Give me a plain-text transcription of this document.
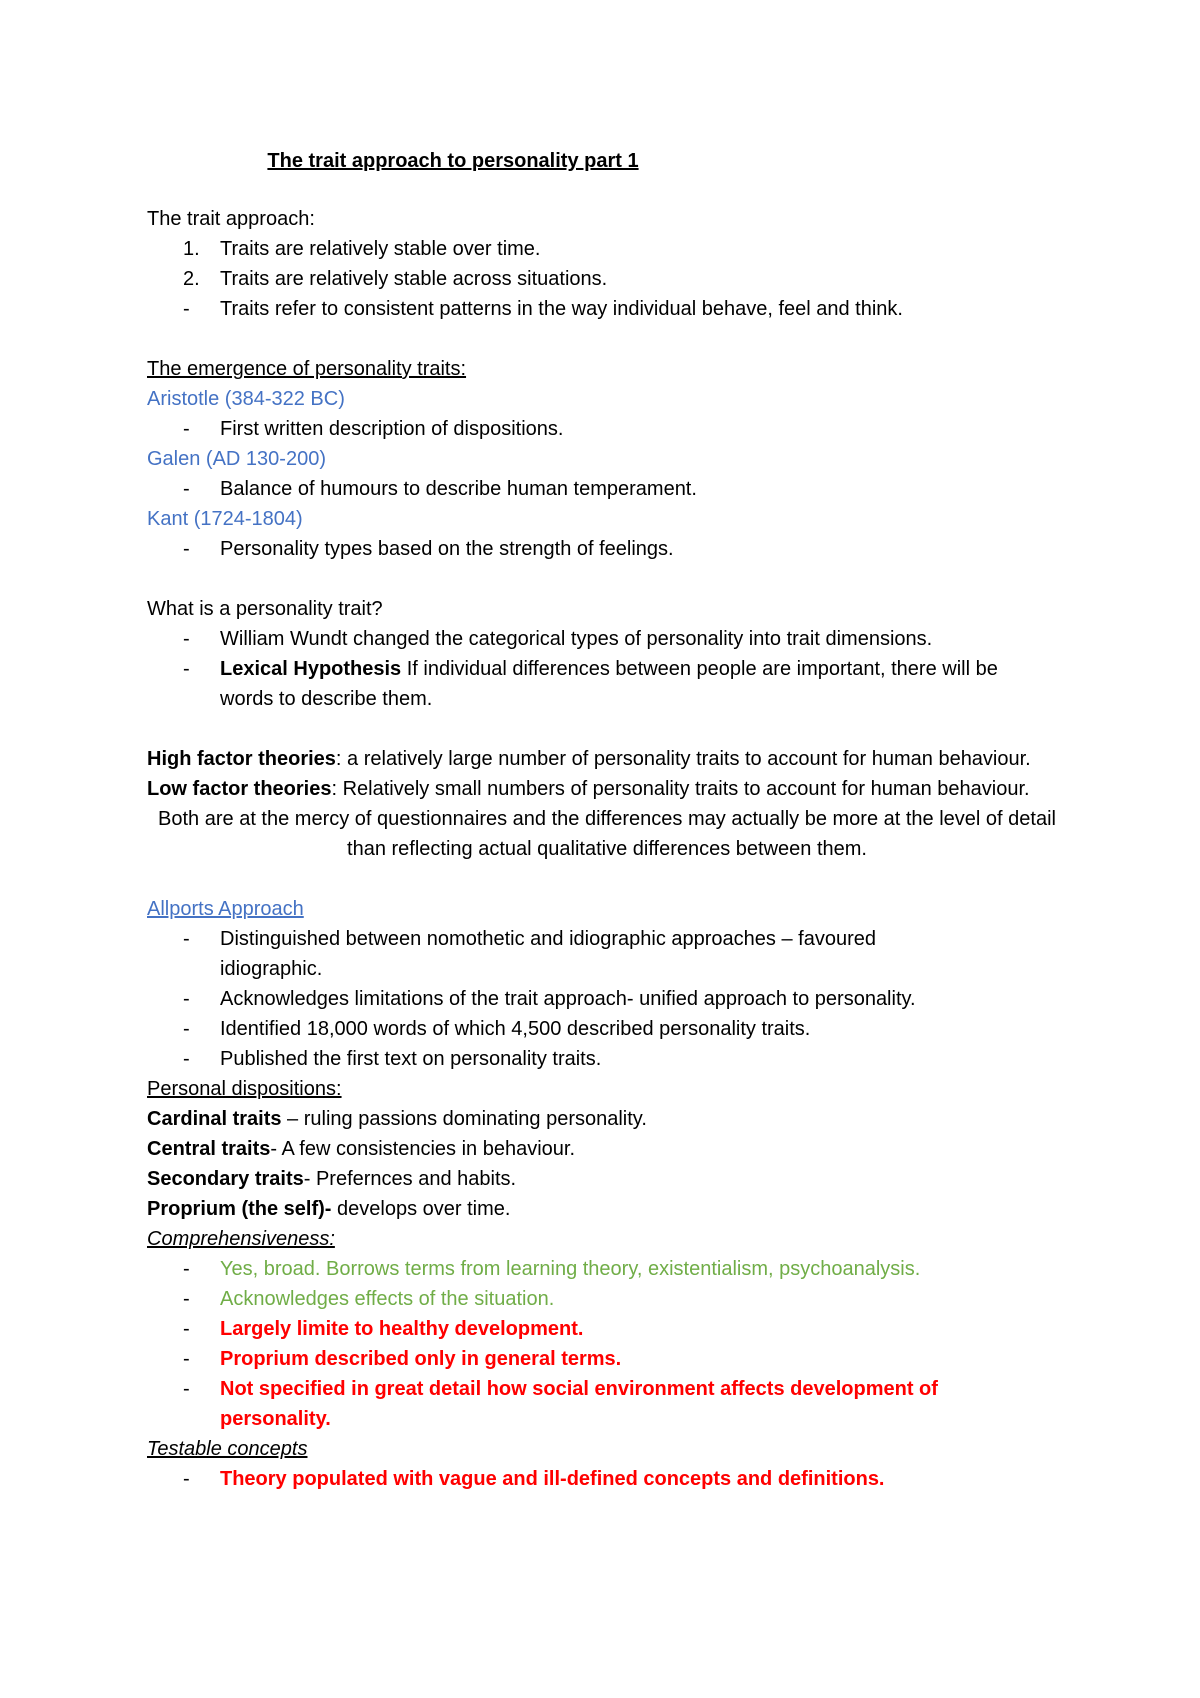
The trait approach to personality part 1
The trait approach:
1. Traits are relatively stable over time.
2. Traits are relatively stable across situations.
- Traits refer to consistent patterns in the way individual behave, feel and think.
The emergence of personality traits:
Aristotle (384-322 BC)
- First written description of dispositions.
Galen (AD 130-200)
- Balance of humours to describe human temperament.
Kant (1724-1804)
- Personality types based on the strength of feelings.
What is a personality trait?
- William Wundt changed the categorical types of personality into trait dimensions.
- Lexical Hypothesis If individual differences between people are important, there will be words to describe them.
High factor theories: a relatively large number of personality traits to account for human behaviour.
Low factor theories: Relatively small numbers of personality traits to account for human behaviour.
Both are at the mercy of questionnaires and the differences may actually be more at the level of detail than reflecting actual qualitative differences between them.
Allports Approach
- Distinguished between nomothetic and idiographic approaches – favoured idiographic.
- Acknowledges limitations of the trait approach- unified approach to personality.
- Identified 18,000 words of which 4,500 described personality traits.
- Published the first text on personality traits.
Personal dispositions:
Cardinal traits – ruling passions dominating personality.
Central traits- A few consistencies in behaviour.
Secondary traits- Prefernces and habits.
Proprium (the self)- develops over time.
Comprehensiveness:
- Yes, broad. Borrows terms from learning theory, existentialism, psychoanalysis.
- Acknowledges effects of the situation.
- Largely limite to healthy development.
- Proprium described only in general terms.
- Not specified in great detail how social environment affects development of personality.
Testable concepts
- Theory populated with vague and ill-defined concepts and definitions.
